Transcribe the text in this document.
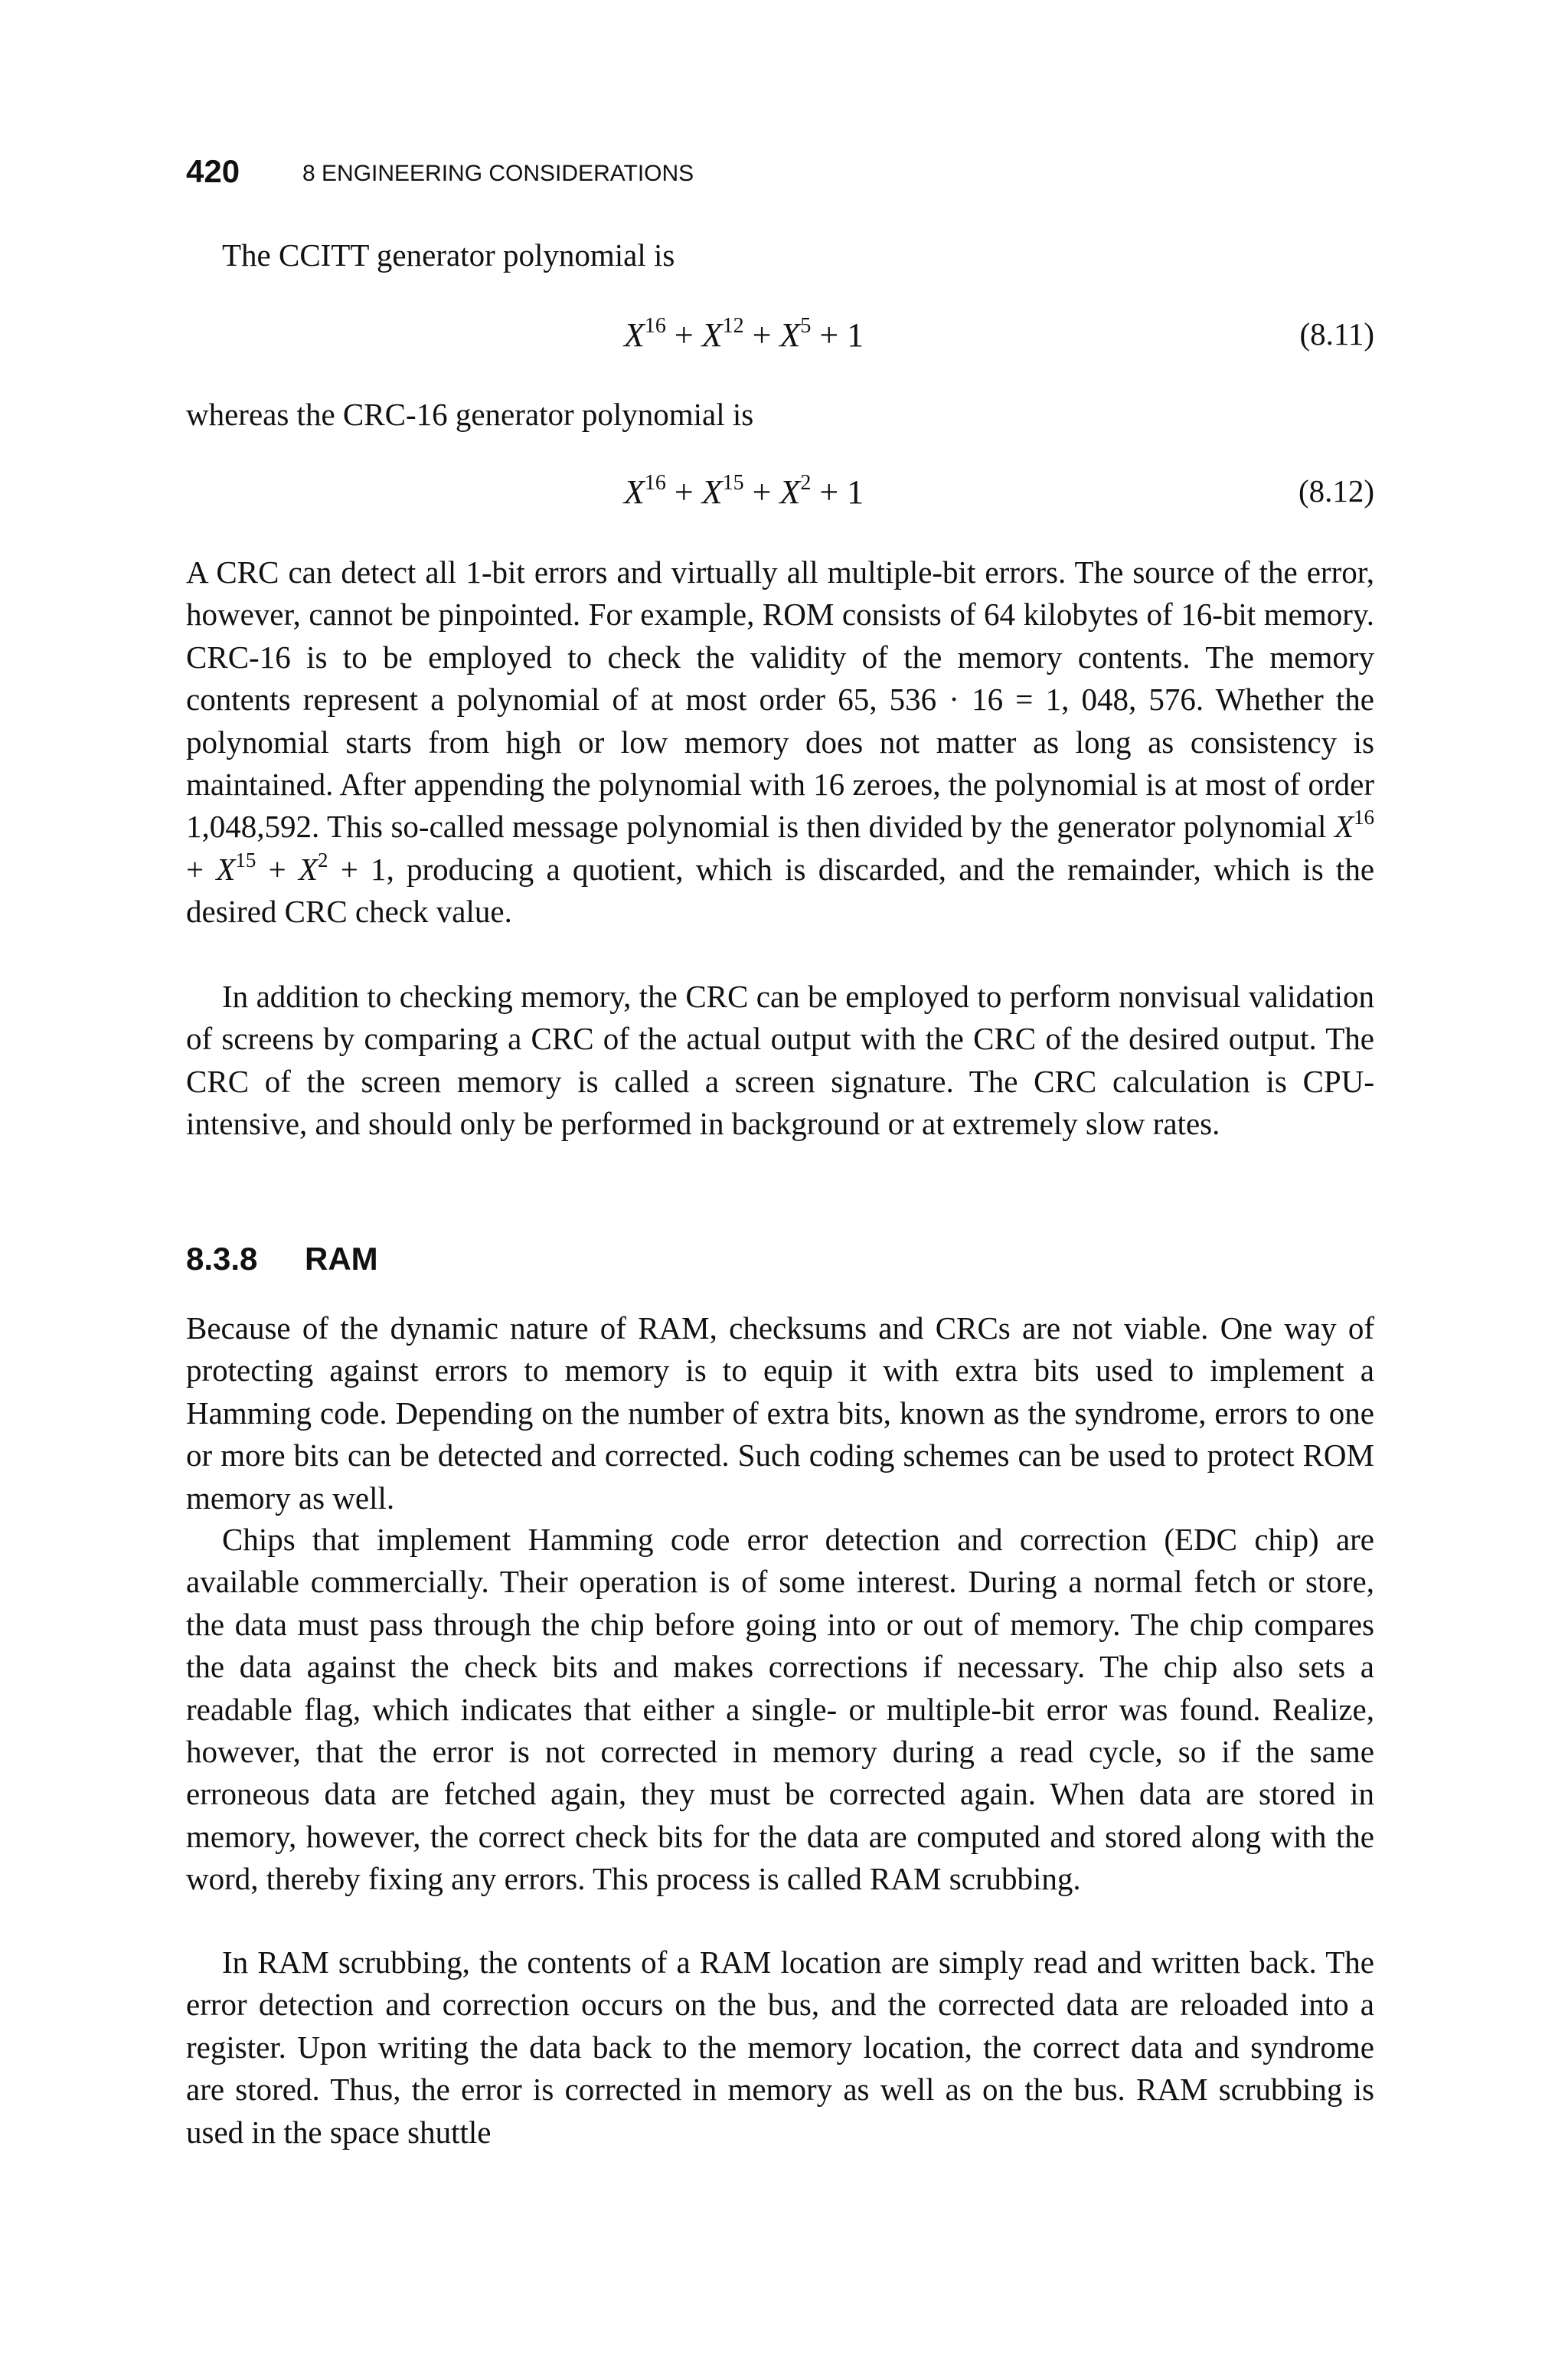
420	8 ENGINEERING CONSIDERATIONS

The CCITT generator polynomial is

$X^{16} + X^{12} + X^5 + 1$	(8.11)

whereas the CRC-16 generator polynomial is

$X^{16} + X^{15} + X^2 + 1$	(8.12)

A CRC can detect all 1-bit errors and virtually all multiple-bit errors. The source of the error, however, cannot be pinpointed. For example, ROM consists of 64 kilobytes of 16-bit memory. CRC-16 is to be employed to check the validity of the memory contents. The memory contents represent a polynomial of at most order 65, 536 · 16 = 1, 048, 576. Whether the polynomial starts from high or low memory does not matter as long as consistency is maintained. After appending the polynomial with 16 zeroes, the polynomial is at most of order 1,048,592. This so-called message polynomial is then divided by the generator polynomial $X^{16} + X^{15} + X^2 + 1$, producing a quotient, which is discarded, and the remainder, which is the desired CRC check value.

In addition to checking memory, the CRC can be employed to perform nonvisual validation of screens by comparing a CRC of the actual output with the CRC of the desired output. The CRC of the screen memory is called a screen signature. The CRC calculation is CPU-intensive, and should only be performed in background or at extremely slow rates.

8.3.8 RAM

Because of the dynamic nature of RAM, checksums and CRCs are not viable. One way of protecting against errors to memory is to equip it with extra bits used to implement a Hamming code. Depending on the number of extra bits, known as the syndrome, errors to one or more bits can be detected and corrected. Such coding schemes can be used to protect ROM memory as well.

Chips that implement Hamming code error detection and correction (EDC chip) are available commercially. Their operation is of some interest. During a normal fetch or store, the data must pass through the chip before going into or out of memory. The chip compares the data against the check bits and makes corrections if necessary. The chip also sets a readable flag, which indicates that either a single- or multiple-bit error was found. Realize, however, that the error is not corrected in memory during a read cycle, so if the same erroneous data are fetched again, they must be corrected again. When data are stored in memory, however, the correct check bits for the data are computed and stored along with the word, thereby fixing any errors. This process is called RAM scrubbing.

In RAM scrubbing, the contents of a RAM location are simply read and written back. The error detection and correction occurs on the bus, and the corrected data are reloaded into a register. Upon writing the data back to the memory location, the correct data and syndrome are stored. Thus, the error is corrected in memory as well as on the bus. RAM scrubbing is used in the space shuttle
